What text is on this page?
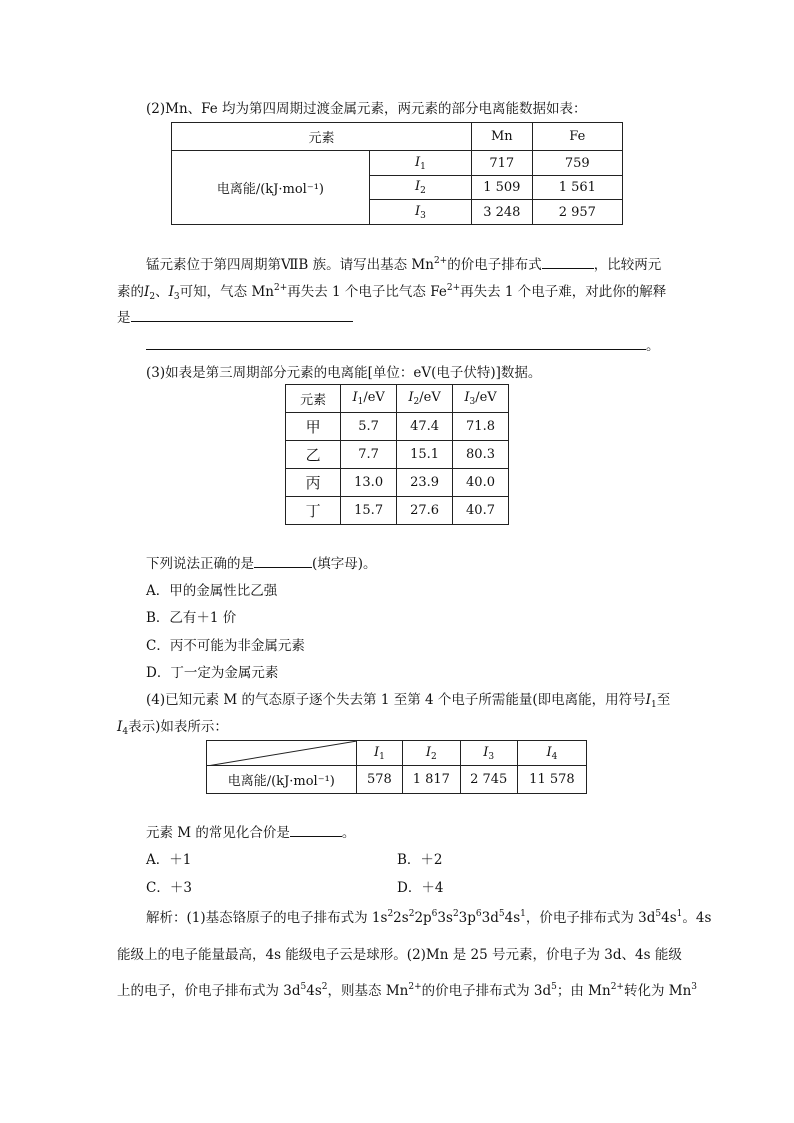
(2)Mn、Fe 均为第四周期过渡金属元素，两元素的部分电离能数据如表：
元素		Mn	Fe
电离能/(kJ·mol⁻¹)	$I_1$	717	759
	$I_2$	1 509	1 561
	$I_3$	3 248	2 957
锰元素位于第四周期第ⅦB 族。请写出基态 $Mn^{2+}$的价电子排布式	，比较两元
素的$I_2$、$I_3$可知，气态 $Mn^{2+}$再失去 1 个电子比气态 $Fe^{2+}$再失去 1 个电子难，对此你的解释
是
。
(3)如表是第三周期部分元素的电离能[单位：eV(电子伏特)]数据。
元素	$I_1/eV$	$I_2/eV$	$I_3/eV$
甲	5.7	47.4	71.8
乙	7.7	15.1	80.3
丙	13.0	23.9	40.0
丁	15.7	27.6	40.7
下列说法正确的是	(填字母)。
A．甲的金属性比乙强
B．乙有＋1 价
C．丙不可能为非金属元素
D．丁一定为金属元素
(4)已知元素 M 的气态原子逐个失去第 1 至第 4 个电子所需能量(即电离能，用符号$I_1$至
$I_4$表示)如表所示：
	$I_1$	$I_2$	$I_3$	$I_4$
电离能/(kJ·mol⁻¹)	578	1 817	2 745	11 578
元素 M 的常见化合价是	。
A．＋1	B．＋2
C．＋3	D．＋4
解析：(1)基态铬原子的电子排布式为 $1s^22s^22p^63s^23p^63d^54s^1$，价电子排布式为 $3d^54s^1$。4s
能级上的电子能量最高，4s 能级电子云是球形。(2)Mn 是 25 号元素，价电子为 3d、4s 能级
上的电子，价电子排布式为 $3d^54s^2$，则基态 $Mn^{2+}$的价电子排布式为 $3d^5$；由 $Mn^{2+}$转化为 Mn$^3$
